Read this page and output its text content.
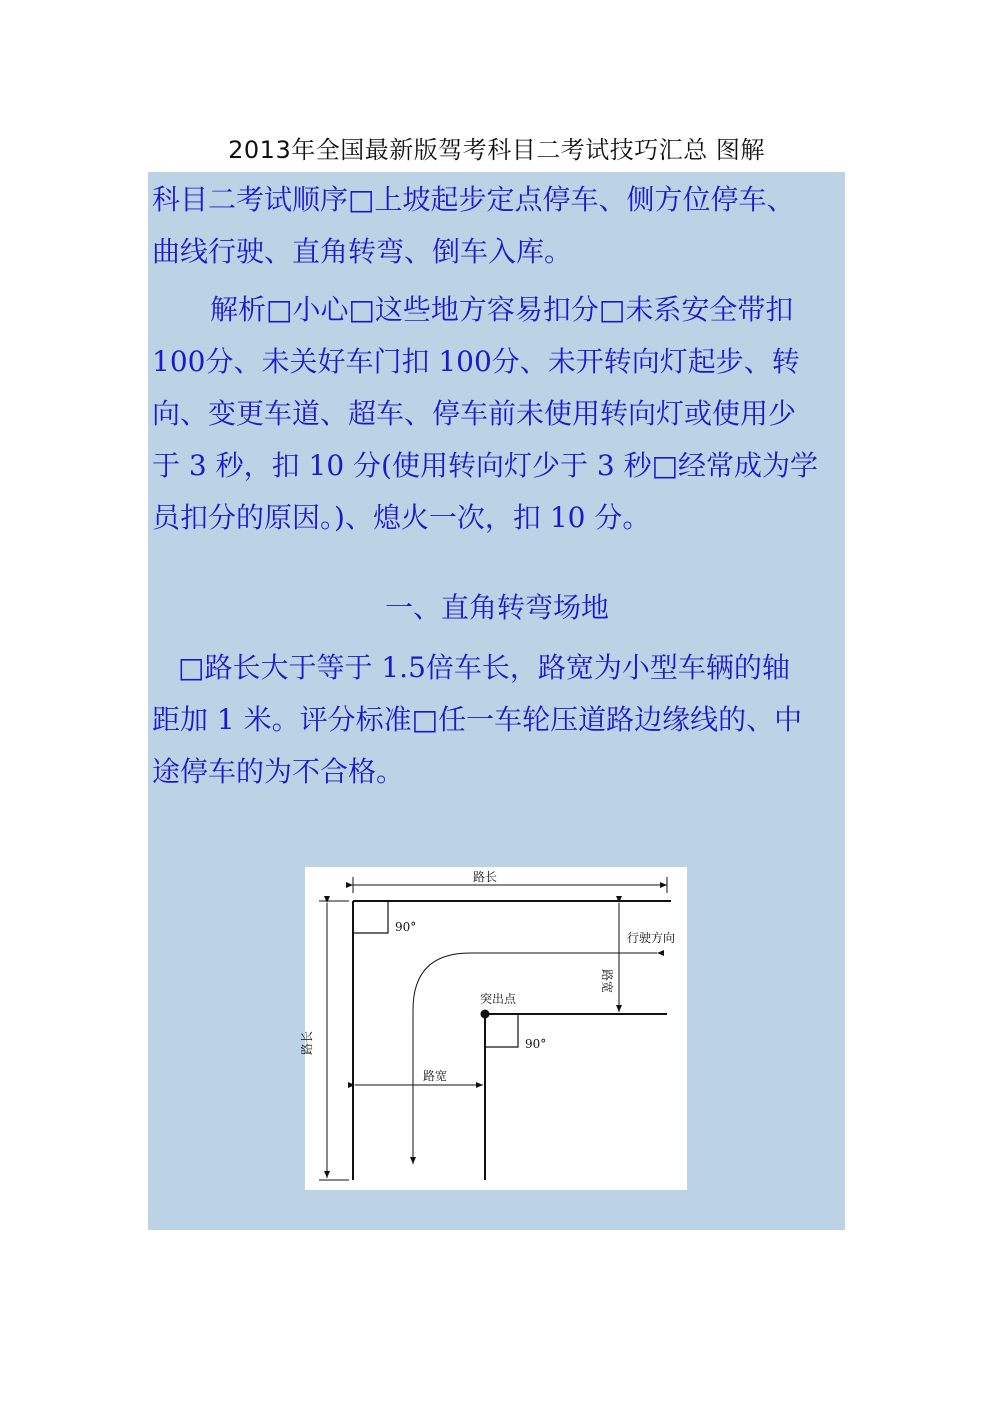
2013年全国最新版驾考科目二考试技巧汇总 图解

科目二考试顺序□上坡起步定点停车、侧方位停车、

曲线行驶、直角转弯、倒车入库。

解析□小心□这些地方容易扣分□未系安全带扣

100分、未关好车门扣 100分、未开转向灯起步、转

向、变更车道、超车、停车前未使用转向灯或使用少

于 3 秒，扣 10 分(使用转向灯少于 3 秒□经常成为学

员扣分的原因。)、熄火一次，扣 10 分。

一、直角转弯场地

□路长大于等于 1.5倍车长，路宽为小型车辆的轴

距加 1 米。评分标准□任一车轮压道路边缘线的、中

途停车的为不合格。

路长
90°
90°
行驶方向
突出点
路宽
路宽
路长
